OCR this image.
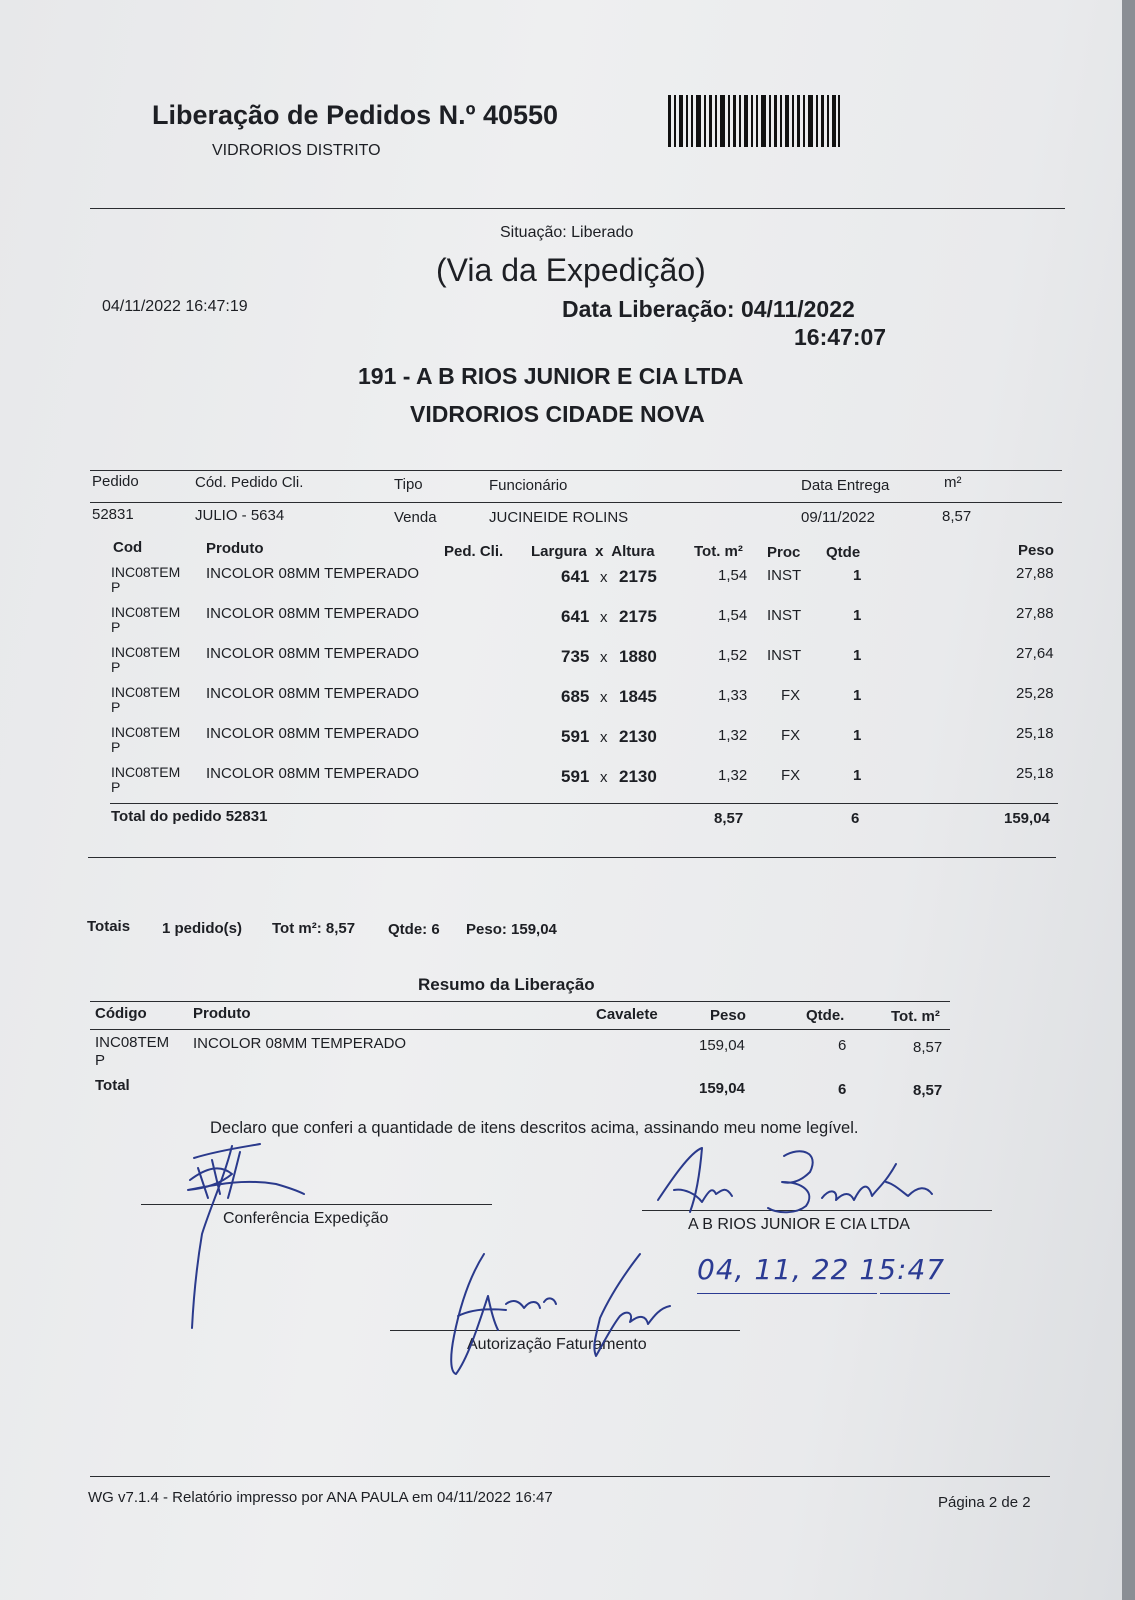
Liberação de Pedidos N.º 40550
VIDRORIOS DISTRITO
Situação: Liberado
(Via da Expedição)
04/11/2022 16:47:19	Data Liberação: 04/11/2022
16:47:07
191 - A B RIOS JUNIOR E CIA LTDA
VIDRORIOS CIDADE NOVA
Pedido	Cód. Pedido Cli.	Tipo	Funcionário	Data Entrega	m²
52831	JULIO - 5634	Venda	JUCINEIDE ROLINS	09/11/2022	8,57
Cod	Produto	Ped. Cli. Largura  x  Altura	Tot. m² Proc Qtde	Peso
INC08TEM
P
INCOLOR 08MM TEMPERADO	641 x 2175	1,54 INST	1	27,88
INC08TEM
P
INCOLOR 08MM TEMPERADO	641 x 2175	1,54 INST	1	27,88
INC08TEM
P
INCOLOR 08MM TEMPERADO	735 x 1880	1,52 INST	1	27,64
INC08TEM
P
INCOLOR 08MM TEMPERADO	685 x 1845	1,33 FX	1	25,28
INC08TEM
P
INCOLOR 08MM TEMPERADO	591 x 2130	1,32 FX	1	25,18
INC08TEM
P
INCOLOR 08MM TEMPERADO	591 x 2130	1,32 FX	1	25,18
Total do pedido 52831	8,57	6	159,04
Totais 1 pedido(s) Tot m²: 8,57 Qtde: 6 Peso: 159,04
Resumo da Liberação
Código	Produto	Cavalete	Peso	Qtde.	Tot. m²
INC08TEM
P
INCOLOR 08MM TEMPERADO	159,04	6	8,57
Total	159,04	6	8,57
Declaro que conferi a quantidade de itens descritos acima, assinando meu nome legível.
Conferência Expedição	A B RIOS JUNIOR E CIA LTDA
Autorização Faturamento
04, 11, 22 15:47
WG v7.1.4 - Relatório impresso por ANA PAULA em 04/11/2022 16:47	Página 2 de 2
